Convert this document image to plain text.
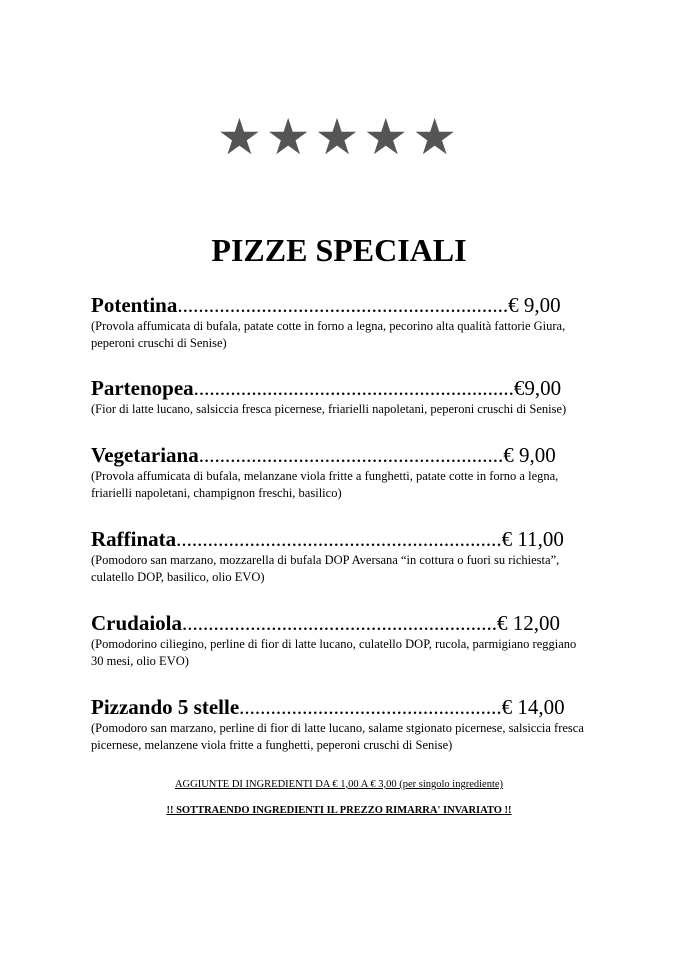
★★★★★
PIZZE SPECIALI
Potentina...............................................................€ 9,00
(Provola affumicata di bufala, patate cotte in forno a legna, pecorino alta qualità fattorie Giura, peperoni cruschi di Senise)
Partenopea.............................................................€9,00
(Fior di latte lucano, salsiccia fresca picernese, friarielli napoletani, peperoni cruschi di Senise)
Vegetariana..........................................................€ 9,00
(Provola affumicata di bufala, melanzane viola fritte a funghetti, patate cotte in forno a legna, friarielli napoletani, champignon freschi, basilico)
Raffinata..............................................................€ 11,00
(Pomodoro san marzano, mozzarella di bufala DOP Aversana “in cottura o fuori su richiesta”, culatello DOP, basilico, olio EVO)
Crudaiola............................................................€ 12,00
(Pomodorino ciliegino, perline di fior di latte lucano, culatello DOP, rucola, parmigiano reggiano 30 mesi, olio EVO)
Pizzando 5 stelle..................................................€ 14,00
(Pomodoro san marzano, perline di fior di latte lucano, salame stgionato picernese, salsiccia fresca picernese, melanzene viola fritte a funghetti, peperoni cruschi di Senise)
AGGIUNTE DI INGREDIENTI DA € 1,00 A € 3,00 (per singolo ingrediente)
!! SOTTRAENDO INGREDIENTI IL PREZZO RIMARRA' INVARIATO !!
